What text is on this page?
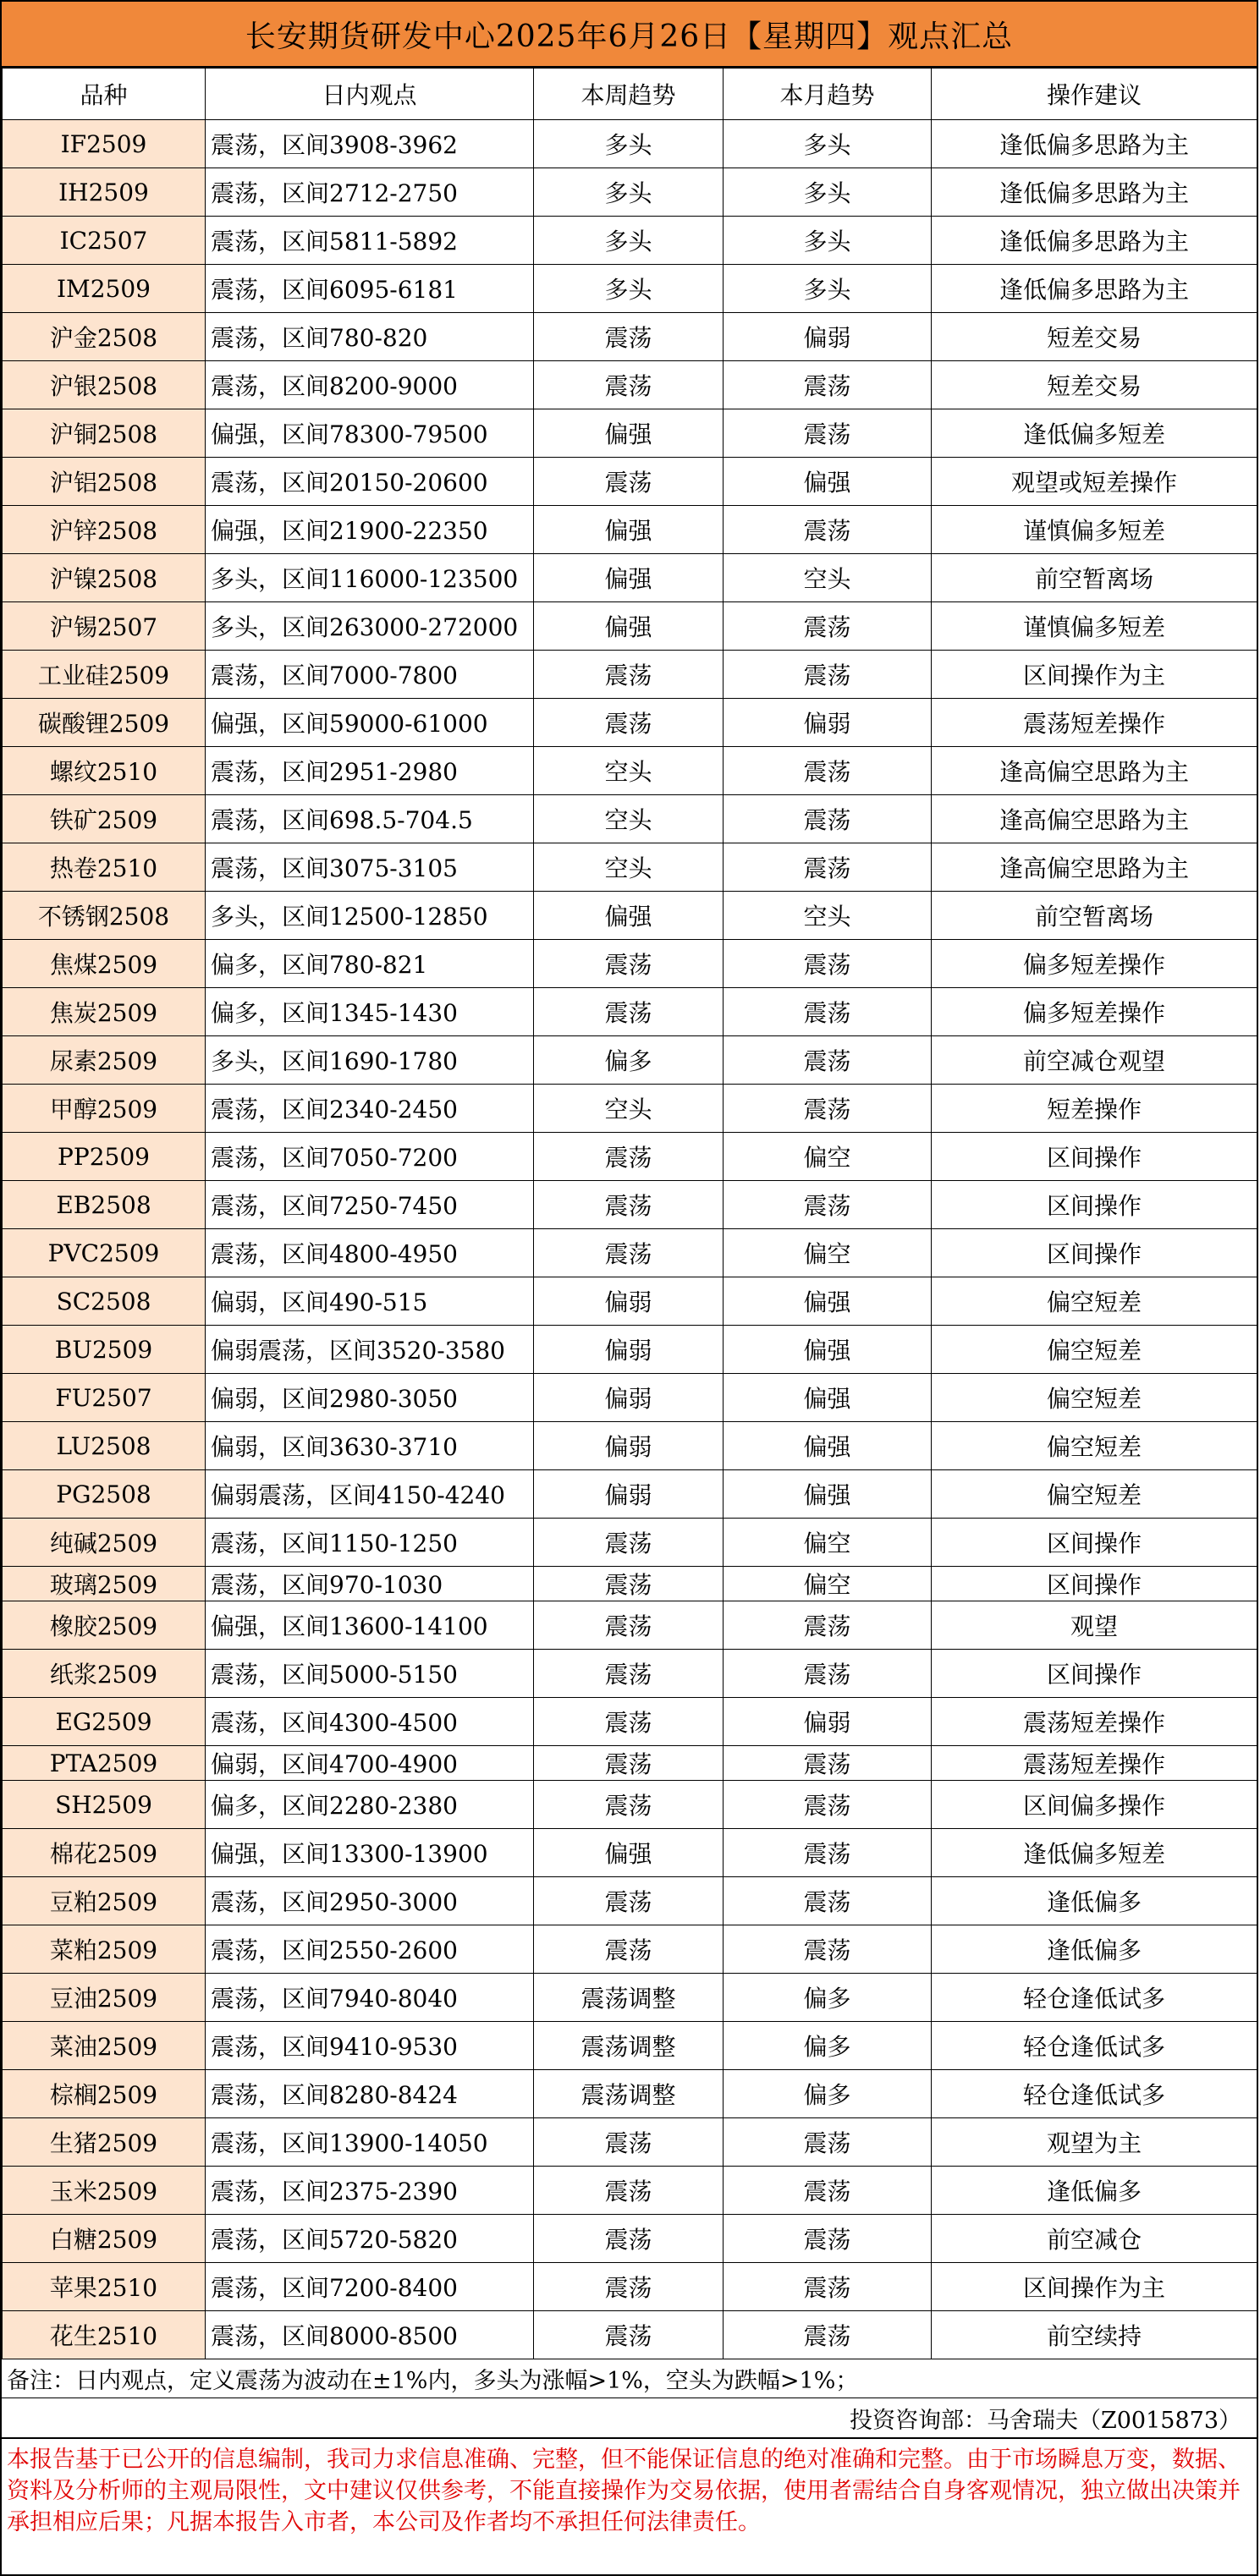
长安期货研发中心2025年6月26日【星期四】观点汇总
品种	日内观点	本周趋势	本月趋势	操作建议
IF2509	震荡，区间3908-3962	多头	多头	逢低偏多思路为主
IH2509	震荡，区间2712-2750	多头	多头	逢低偏多思路为主
IC2507	震荡，区间5811-5892	多头	多头	逢低偏多思路为主
IM2509	震荡，区间6095-6181	多头	多头	逢低偏多思路为主
沪金2508	震荡，区间780-820	震荡	偏弱	短差交易
沪银2508	震荡，区间8200-9000	震荡	震荡	短差交易
沪铜2508	偏强，区间78300-79500	偏强	震荡	逢低偏多短差
沪铝2508	震荡，区间20150-20600	震荡	偏强	观望或短差操作
沪锌2508	偏强，区间21900-22350	偏强	震荡	谨慎偏多短差
沪镍2508	多头，区间116000-123500	偏强	空头	前空暂离场
沪锡2507	多头，区间263000-272000	偏强	震荡	谨慎偏多短差
工业硅2509	震荡，区间7000-7800	震荡	震荡	区间操作为主
碳酸锂2509	偏强，区间59000-61000	震荡	偏弱	震荡短差操作
螺纹2510	震荡，区间2951-2980	空头	震荡	逢高偏空思路为主
铁矿2509	震荡，区间698.5-704.5	空头	震荡	逢高偏空思路为主
热卷2510	震荡，区间3075-3105	空头	震荡	逢高偏空思路为主
不锈钢2508	多头，区间12500-12850	偏强	空头	前空暂离场
焦煤2509	偏多，区间780-821	震荡	震荡	偏多短差操作
焦炭2509	偏多，区间1345-1430	震荡	震荡	偏多短差操作
尿素2509	多头，区间1690-1780	偏多	震荡	前空减仓观望
甲醇2509	震荡，区间2340-2450	空头	震荡	短差操作
PP2509	震荡，区间7050-7200	震荡	偏空	区间操作
EB2508	震荡，区间7250-7450	震荡	震荡	区间操作
PVC2509	震荡，区间4800-4950	震荡	偏空	区间操作
SC2508	偏弱，区间490-515	偏弱	偏强	偏空短差
BU2509	偏弱震荡，区间3520-3580	偏弱	偏强	偏空短差
FU2507	偏弱，区间2980-3050	偏弱	偏强	偏空短差
LU2508	偏弱，区间3630-3710	偏弱	偏强	偏空短差
PG2508	偏弱震荡，区间4150-4240	偏弱	偏强	偏空短差
纯碱2509	震荡，区间1150-1250	震荡	偏空	区间操作
玻璃2509	震荡，区间970-1030	震荡	偏空	区间操作
橡胶2509	偏强，区间13600-14100	震荡	震荡	观望
纸浆2509	震荡，区间5000-5150	震荡	震荡	区间操作
EG2509	震荡，区间4300-4500	震荡	偏弱	震荡短差操作
PTA2509	偏弱，区间4700-4900	震荡	震荡	震荡短差操作
SH2509	偏多，区间2280-2380	震荡	震荡	区间偏多操作
棉花2509	偏强，区间13300-13900	偏强	震荡	逢低偏多短差
豆粕2509	震荡，区间2950-3000	震荡	震荡	逢低偏多
菜粕2509	震荡，区间2550-2600	震荡	震荡	逢低偏多
豆油2509	震荡，区间7940-8040	震荡调整	偏多	轻仓逢低试多
菜油2509	震荡，区间9410-9530	震荡调整	偏多	轻仓逢低试多
棕榈2509	震荡，区间8280-8424	震荡调整	偏多	轻仓逢低试多
生猪2509	震荡，区间13900-14050	震荡	震荡	观望为主
玉米2509	震荡，区间2375-2390	震荡	震荡	逢低偏多
白糖2509	震荡，区间5720-5820	震荡	震荡	前空减仓
苹果2510	震荡，区间7200-8400	震荡	震荡	区间操作为主
花生2510	震荡，区间8000-8500	震荡	震荡	前空续持
备注：日内观点，定义震荡为波动在±1%内，多头为涨幅>1%，空头为跌幅>1%；
投资咨询部：马舍瑞夫（Z0015873）
本报告基于已公开的信息编制，我司力求信息准确、完整，但不能保证信息的绝对准确和完整。由于市场瞬息万变，数据、资料及分析师的主观局限性，文中建议仅供参考，不能直接操作为交易依据，使用者需结合自身客观情况，独立做出决策并承担相应后果；凡据本报告入市者，本公司及作者均不承担任何法律责任。
